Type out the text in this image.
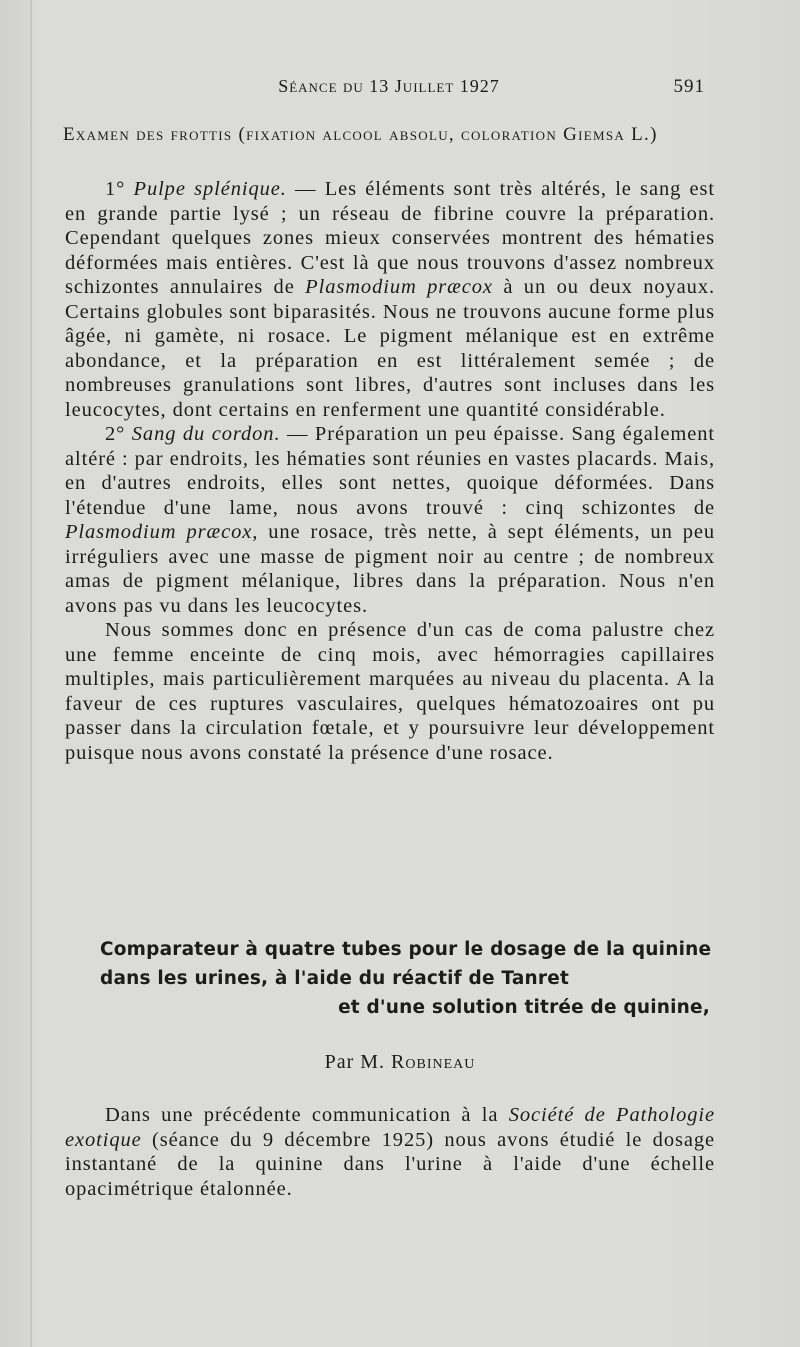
Séance du 13 Juillet 1927	591
Examen des frottis (fixation alcool absolu, coloration Giemsa L.)

1° Pulpe splénique. — Les éléments sont très altérés, le sang est en grande partie lysé ; un réseau de fibrine couvre la préparation. Cependant quelques zones mieux conservées montrent des hématies déformées mais entières. C'est là que nous trouvons d'assez nombreux schizontes annulaires de Plasmodium præcox à un ou deux noyaux. Certains globules sont biparasités. Nous ne trouvons aucune forme plus âgée, ni gamète, ni rosace. Le pigment mélanique est en extrême abondance, et la préparation en est littéralement semée ; de nombreuses granulations sont libres, d'autres sont incluses dans les leucocytes, dont certains en renferment une quantité considérable.

2° Sang du cordon. — Préparation un peu épaisse. Sang également altéré : par endroits, les hématies sont réunies en vastes placards. Mais, en d'autres endroits, elles sont nettes, quoique déformées. Dans l'étendue d'une lame, nous avons trouvé : cinq schizontes de Plasmodium præcox, une rosace, très nette, à sept éléments, un peu irréguliers avec une masse de pigment noir au centre ; de nombreux amas de pigment mélanique, libres dans la préparation. Nous n'en avons pas vu dans les leucocytes.

Nous sommes donc en présence d'un cas de coma palustre chez une femme enceinte de cinq mois, avec hémorragies capillaires multiples, mais particulièrement marquées au niveau du placenta. A la faveur de ces ruptures vasculaires, quelques hématozoaires ont pu passer dans la circulation fœtale, et y poursuivre leur développement puisque nous avons constaté la présence d'une rosace.

Comparateur à quatre tubes pour le dosage de la quinine
dans les urines, à l'aide du réactif de Tanret
et d'une solution titrée de quinine,
Par M. Robineau

Dans une précédente communication à la Société de Pathologie exotique (séance du 9 décembre 1925) nous avons étudié le dosage instantané de la quinine dans l'urine à l'aide d'une échelle opacimétrique étalonnée.
